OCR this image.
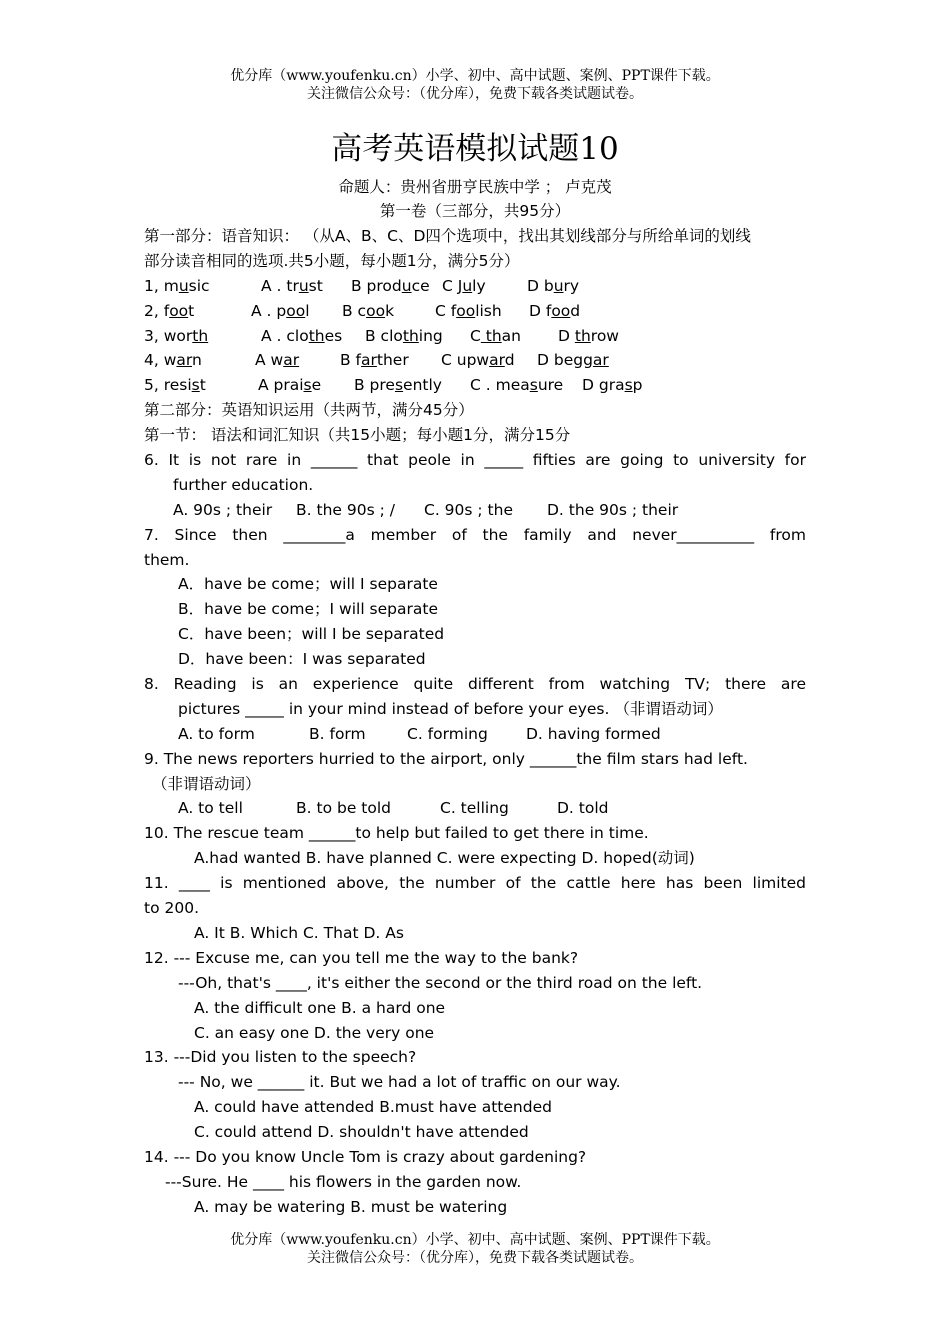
优分库（www.youfenku.cn）小学、初中、高中试题、案例、PPT课件下载。
关注微信公众号：（优分库），免费下载各类试题试卷。
高考英语模拟试题10
命题人：贵州省册亨民族中学 ； 卢克茂
第一卷（三部分，共95分）
第一部分：语音知识： （从A、B、C、D四个选项中，找出其划线部分与所给单词的划线
部分读音相同的选项.共5小题，每小题1分，满分5分）
1, music	A . trust B produce C July	D bury
2, foot	A . pool B cook	C foolish D food
3, worth	A . clothes B clothing C than D throw
4, warn	A war	B farther C upward D beggar
5, resist	A praise B presently C . measure D grasp
第二部分：英语知识运用（共两节，满分45分）
第一节： 语法和词汇知识（共15小题；每小题1分，满分15分
6. It is not rare in ______ that peole in _____ fifties are going to university for
further education.
A. 90s ; their B. the 90s ; / C. 90s ; the D. the 90s ; their
7. Since then ________a member of the family and never__________ from
them.
A．have be come；will I separate
B．have be come；I will separate
C．have been；will I be separated
D．have been：I was separated
8. Reading is an experience quite different from watching TV; there are
pictures _____ in your mind instead of before your eyes. （非谓语动词）
A. to form	B. form	C. forming D. having formed
9. The news reporters hurried to the airport, only ______the film stars had left.
（非谓语动词）
A. to tell	B. to be told	C. telling	D. told
10. The rescue team ______to help but failed to get there in time.
A.had wanted B. have planned C. were expecting D. hoped(动词)
11. ____ is mentioned above, the number of the cattle here has been limited
to 200.
A. It B. Which C. That D. As
12. --- Excuse me, can you tell me the way to the bank?
---Oh, that's ____, it's either the second or the third road on the left.
A. the difficult one B. a hard one
C. an easy one D. the very one
13. ---Did you listen to the speech?
--- No, we ______ it. But we had a lot of traffic on our way.
A. could have attended B.must have attended
C. could attend D. shouldn't have attended
14. --- Do you know Uncle Tom is crazy about gardening?
---Sure. He ____ his flowers in the garden now.
A. may be watering B. must be watering
优分库（www.youfenku.cn）小学、初中、高中试题、案例、PPT课件下载。
关注微信公众号：（优分库），免费下载各类试题试卷。
